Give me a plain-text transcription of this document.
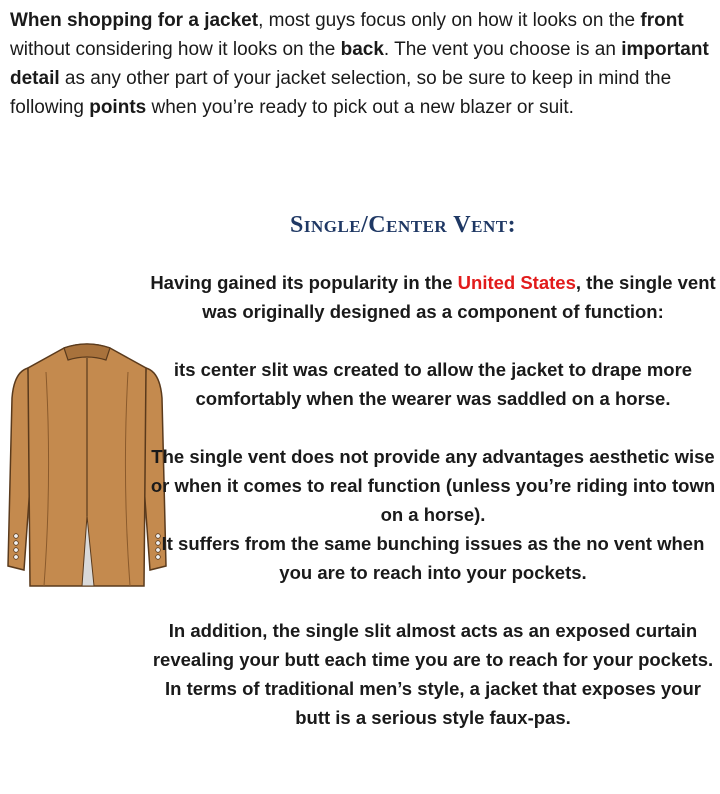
When shopping for a jacket, most guys focus only on how it looks on the front without considering how it looks on the back. The vent you choose is an important detail as any other part of your jacket selection, so be sure to keep in mind the following points when you’re ready to pick out a new blazer or suit.

Single/Center Vent:

Having gained its popularity in the United States, the single vent was originally designed as a component of function:

its center slit was created to allow the jacket to drape more comfortably when the wearer was saddled on a horse.

The single vent does not provide any advantages aesthetic wise or when it comes to real function (unless you’re riding into town on a horse).

It suffers from the same bunching issues as the no vent when you are to reach into your pockets.

In addition, the single slit almost acts as an exposed curtain revealing your butt each time you are to reach for your pockets. In terms of traditional men’s style, a jacket that exposes your butt is a serious style faux-pas.
